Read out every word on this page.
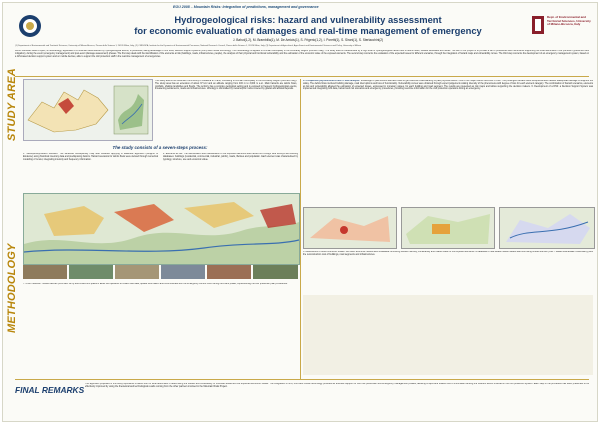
EGU 2008 – Mountain Risks: Integration of predictions, management and governance
Hydrogeological risks: hazard and vulnerability assessment
for economic evaluation of damages and real-time management of emergency
Dept. of Environmental and Territorial Sciences, University of Milano-Bicocca, Italy
J. Bahut(1,2), M. Brambilla(1), M. De Amicis(1), S. Frigerio(1,2), I. Poretti(1), S. Sironi(1), S. Sterlacchini(2)
(1) Department of Environmental and Territorial Sciences, University of Milano-Bicocca, Piazza della Scienza 1, 20126 Milan, Italy; (2) CNR-IDPA, Institute for the Dynamics of Environmental Processes, National Research Council, Piazza della Scienza 1, 20126 Milan, Italy; (3) Department of Agricultural, Agro-Forest and Environmental Sciences and Policy, University of Milano
Within Mountain Risks Project, a methodology, applicable to a mountain area affected by hydrogeological events, is presented, taking advantage of GIS tools, decision support systems (DSS) and mobile technology. The methodology is applied to a small municipality in the Lombardy Region (Northern Italy). The study area is characterised by a high level of hydrogeological hazard due to debris flows, shallow landslides and floods. The aim of the project is to provide a set of procedures and instruments supporting the local authorities in the pre-event (prevention and mitigation), during the event (emergency management) and post-event (damage assessment) phases. The first step deals with the identification of the elements at risk (buildings, roads, infrastructures, people), the analysis of their physical and functional vulnerability and the estimation of the economic value of the exposed elements. The second step concerns the evaluation of the expected losses for different scenarios, through the integration of hazard maps and vulnerability curves. The third step concerns the development of an emergency management system, based on a GIS-based decision support system and on mobile devices, able to support the civil protection staff in the real-time management of emergencies.
STUDY AREA
METHODOLOGY
The study area is the Mountain Community of Valtellina di Tirano, consisting of a small municipality in the Lombardy Region (Northern Italy). The study area has an extension of about 37 km² and an altitude ranging from 400 m to 3,000 m a.s.l. Main hazards are debris flows, rockfalls, shallow landslides and floods. The territory has a complex geological setting and is exposed to frequent hydrogeological events, threatening settlements, roads and infrastructures. Lithology is dominated by metamorphic rocks covered by glacial and alluvial deposits.
4. Prospective physical effects and 5. Risk analysis: knowledge of past events was also used to get effective understanding of past physical effects. One of the major events occurred in 1987: the prolonged rainfalls were exceptional and caused widespread damage throughout the valley. The debris flows involved building damage, road interruptions and loss of functionality. Vulnerability curves were obtained through expert judgement relating intensity of the phenomena with degree of loss for each element category. The combination of hazard scenarios, elements at risk and vulnerability allowed the estimation of expected losses, expressed in monetary values, for each building and road segment. The results are presented as risk maps and tables supporting the decision makers. 6. Development of a DSS: a Decision Support System was implemented integrating GIS data, hazard and risk scenarios and emergency procedures, providing real-time information for the civil protection operators during an emergency.
The study consists of a seven-steps process:
1. Susceptibility/hazard scenario: The landslide susceptibility map was obtained applying a statistical approach (Weights of Evidence) using historical inventory data and predisposing factors. Hazard scenarios for debris flows were derived through numerical modelling of runout, integrating intensity and frequency information.
2. Elements at risk: The identification and classification of the exposed elements was carried out through field surveys and existing databases: buildings (residential, commercial, industrial, public), roads, lifelines and population. Each element was characterised by typology, structure, use and economic value.
3. Assessment of direct economic losses: the direct economic losses were evaluated combining hazard intensity, vulnerability and market value of the exposed elements. A database of real estate market values was built using official sources (OMI – Italian Real Estate Observatory) and the reconstruction cost of buildings, road segments and infrastructures.
7. Civil Protection: mobile devices (PDA with GPS) and a web-GIS platform allow the operators to collect field data, update information and communicate with the emergency control room during the event phase, implementing the civil protection plan procedures.
FINAL REMARKS
The approach proposed in this study represents a useful tool for local authorities in determining the hazard and vulnerability of mountain areas and the expected economic losses. The integration of GIS, DSS and mobile technology provides an effective support for both the prevention and emergency management phases, allowing a rapid and shared flow of information among the different actors involved in the civil protection system. Each step of the procedure has been presented to be effectively improved by using the theoretical and technological results coming from the other partners involved in the Mountain Risks Project.
